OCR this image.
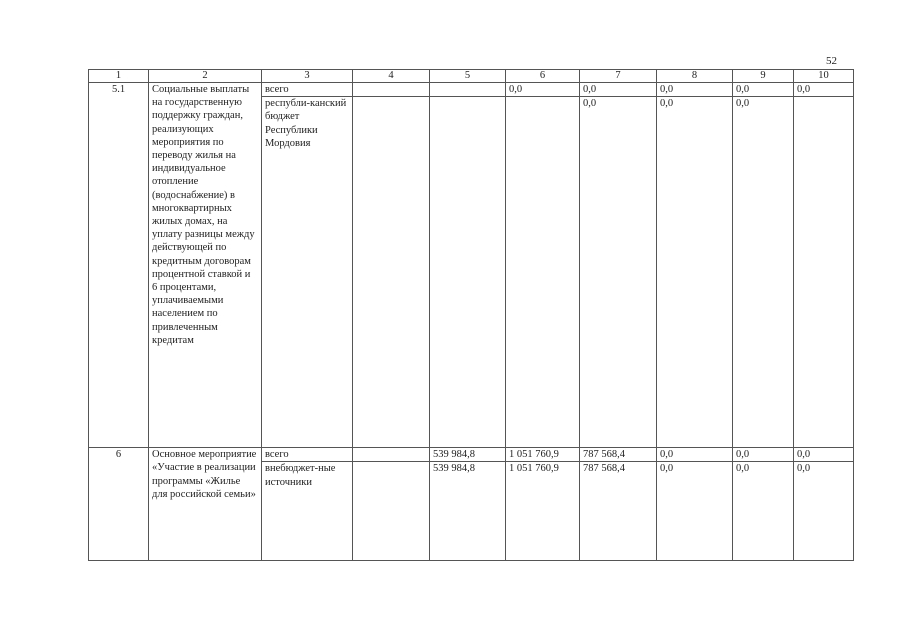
52
1	2	3	4	5	6	7	8	9	10
5.1	Социальные выплаты на государственную поддержку граждан, реализующих мероприятия по переводу жилья на индивидуальное отопление (водоснабжение) в многоквартирных жилых домах, на уплату разницы между действующей по кредитным договорам процентной ставкой и 6 процентами, уплачиваемыми населением по привлеченным кредитам	всего			0,0	0,0	0,0	0,0	0,0
		республи-канский бюджет Республики Мордовия				0,0	0,0	0,0	
6	Основное мероприятие «Участие в реализации программы «Жилье для российской семьи»	всего		539 984,8	1 051 760,9	787 568,4	0,0	0,0	0,0
		внебюджет-ные источники		539 984,8	1 051 760,9	787 568,4	0,0	0,0	0,0
